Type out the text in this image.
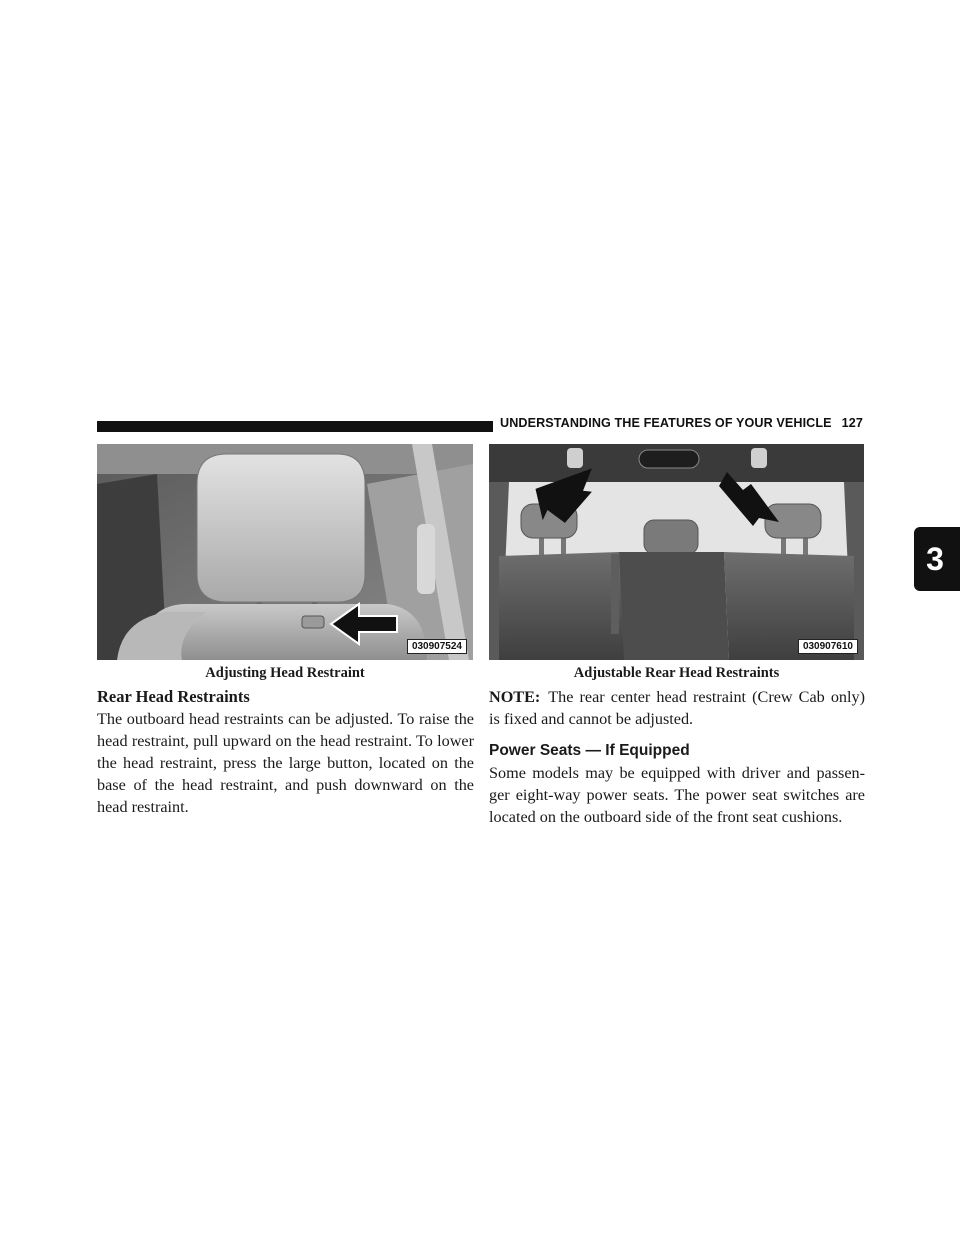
UNDERSTANDING THE FEATURES OF YOUR VEHICLE 127
3
030907524	030907610
Adjusting Head Restraint	Adjustable Rear Head Restraints
Rear Head Restraints

The outboard head restraints can be adjusted. To raise the head restraint, pull upward on the head restraint. To lower the head restraint, press the large button, located on the base of the head restraint, and push downward on the head restraint.

NOTE: The rear center head restraint (Crew Cab only) is fixed and cannot be adjusted.

Power Seats — If Equipped

Some models may be equipped with driver and passen-ger eight-way power seats. The power seat switches are located on the outboard side of the front seat cushions.
